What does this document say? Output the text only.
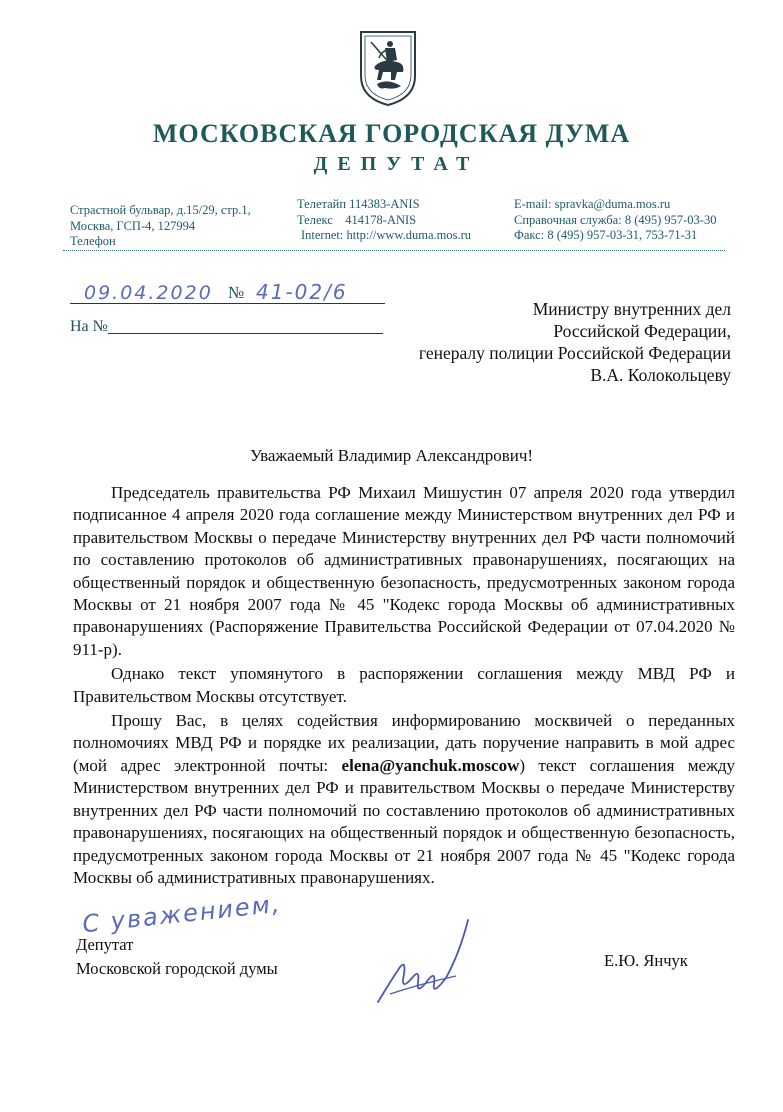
МОСКОВСКАЯ ГОРОДСКАЯ ДУМА
ДЕПУТАТ
Страстной бульвар, д.15/29, стр.1,
Москва, ГСП-4, 127994
Телефон
Телетайп 114383-ANIS
Телекс    414178-ANIS
Internet: http://www.duma.mos.ru
E-mail: spravka@duma.mos.ru
Справочная служба: 8 (495) 957-03-30
Факс: 8 (495) 957-03-31, 753-71-31
09.04.2020 № 41-02/6
На №
Министру внутренних дел
Российской Федерации,
генералу полиции Российской Федерации
В.А. Колокольцеву
Уважаемый Владимир Александрович!

Председатель правительства РФ Михаил Мишустин 07 апреля 2020 года утвердил подписанное 4 апреля 2020 года соглашение между Министерством внутренних дел РФ и правительством Москвы о передаче Министерству внутренних дел РФ части полномочий по составлению протоколов об административных правонарушениях, посягающих на общественный порядок и общественную безопасность, предусмотренных законом города Москвы от 21 ноября 2007 года № 45 "Кодекс города Москвы об административных правонарушениях (Распоряжение Правительства Российской Федерации от 07.04.2020 № 911-р).

Однако текст упомянутого в распоряжении соглашения между МВД РФ и Правительством Москвы отсутствует.

Прошу Вас, в целях содействия информированию москвичей о переданных полномочиях МВД РФ и порядке их реализации, дать поручение направить в мой адрес (мой адрес электронной почты: elena@yanchuk.moscow) текст соглашения между Министерством внутренних дел РФ и правительством Москвы о передаче Министерству внутренних дел РФ части полномочий по составлению протоколов об административных правонарушениях, посягающих на общественный порядок и общественную безопасность, предусмотренных законом города Москвы от 21 ноября 2007 года № 45 "Кодекс города Москвы об административных правонарушениях.

С уважением,
Депутат
Московской городской думы	Е.Ю. Янчук
